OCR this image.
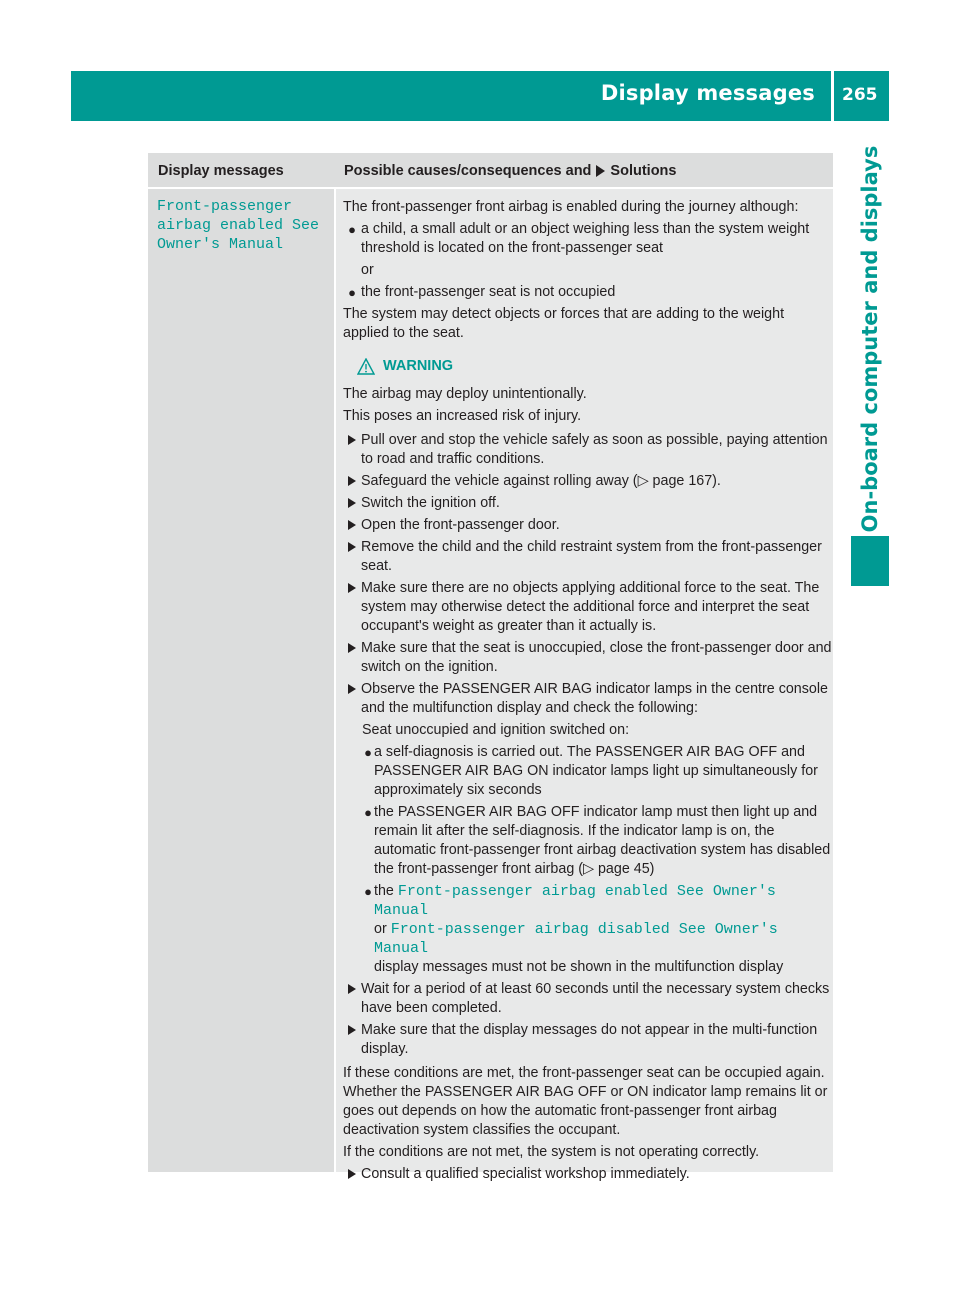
Display messages 265
On-board computer and displays
Display messages	Possible causes/consequences and Solutions
Front-passenger
airbag enabled See
Owner's Manual

The front-passenger front airbag is enabled during the journey although:

● a child, a small adult or an object weighing less than the system weight threshold is located on the front-passenger seat

or

● the front-passenger seat is not occupied

The system may detect objects or forces that are adding to the weight applied to the seat.

WARNING

The airbag may deploy unintentionally.

This poses an increased risk of injury.

Pull over and stop the vehicle safely as soon as possible, paying attention to road and traffic conditions.
Safeguard the vehicle against rolling away (▷ page 167).
Switch the ignition off.
Open the front-passenger door.
Remove the child and the child restraint system from the front-passenger seat.
Make sure there are no objects applying additional force to the seat. The system may otherwise detect the additional force and interpret the seat occupant's weight as greater than it actually is.
Make sure that the seat is unoccupied, close the front-passenger door and switch on the ignition.
Observe the PASSENGER AIR BAG indicator lamps in the centre console and the multifunction display and check the following:

Seat unoccupied and ignition switched on:

● a self-diagnosis is carried out. The PASSENGER AIR BAG OFF and PASSENGER AIR BAG ON indicator lamps light up simultaneously for approximately six seconds
● the PASSENGER AIR BAG OFF indicator lamp must then light up and remain lit after the self-diagnosis. If the indicator lamp is on, the automatic front-passenger front airbag deactivation system has disabled the front-passenger front airbag (▷ page 45)
● the Front-passenger airbag enabled See Owner's Manual
or Front-passenger airbag disabled See Owner's Manual
display messages must not be shown in the multifunction display
Wait for a period of at least 60 seconds until the necessary system checks have been completed.
Make sure that the display messages do not appear in the multi-function display.

If these conditions are met, the front-passenger seat can be occupied again. Whether the PASSENGER AIR BAG OFF or ON indicator lamp remains lit or goes out depends on how the automatic front-passenger front airbag deactivation system classifies the occupant.

If the conditions are not met, the system is not operating correctly.

Consult a qualified specialist workshop immediately.
